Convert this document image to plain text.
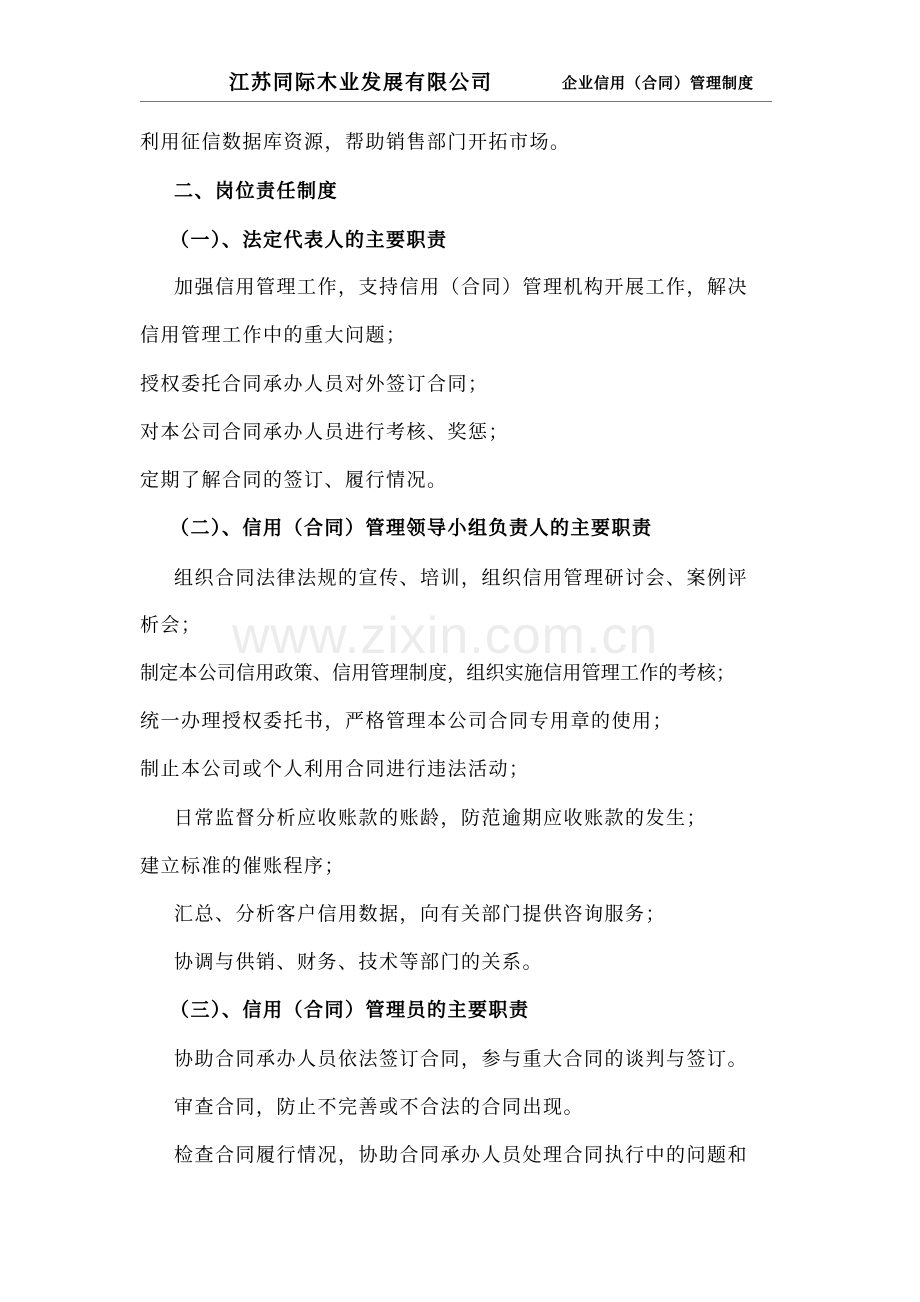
江苏同际木业发展有限公司	企业信用（合同）管理制度
www.zixin.com.cn
利用征信数据库资源，帮助销售部门开拓市场。
二、岗位责任制度
（一）、法定代表人的主要职责
加强信用管理工作，支持信用（合同）管理机构开展工作，解决
信用管理工作中的重大问题；
授权委托合同承办人员对外签订合同；
对本公司合同承办人员进行考核、奖惩；
定期了解合同的签订、履行情况。
（二）、信用（合同）管理领导小组负责人的主要职责
组织合同法律法规的宣传、培训，组织信用管理研讨会、案例评
析会；
制定本公司信用政策、信用管理制度，组织实施信用管理工作的考核；
统一办理授权委托书，严格管理本公司合同专用章的使用；
制止本公司或个人利用合同进行违法活动；
日常监督分析应收账款的账龄，防范逾期应收账款的发生；
建立标准的催账程序；
汇总、分析客户信用数据，向有关部门提供咨询服务；
协调与供销、财务、技术等部门的关系。
（三）、信用（合同）管理员的主要职责
协助合同承办人员依法签订合同，参与重大合同的谈判与签订。
审查合同，防止不完善或不合法的合同出现。
检查合同履行情况，协助合同承办人员处理合同执行中的问题和
